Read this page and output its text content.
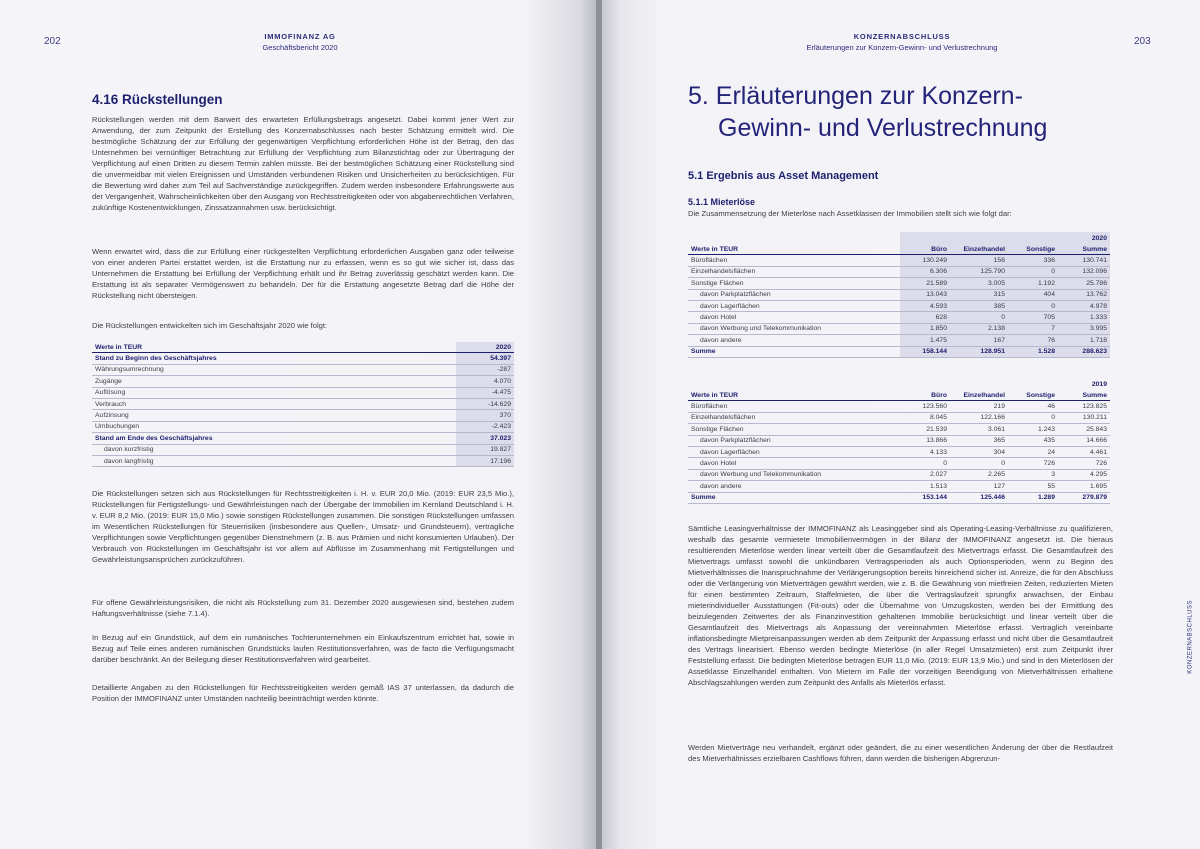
202	IMMOFINANZ AG
Geschäftsbericht 2020
4.16 Rückstellungen

Rückstellungen werden mit dem Barwert des erwarteten Erfüllungsbetrags angesetzt. Dabei kommt jener Wert zur Anwendung, der zum Zeitpunkt der Erstellung des Konzernabschlusses nach bester Schätzung ermittelt wird. Die bestmögliche Schätzung der zur Erfüllung der gegenwärtigen Verpflichtung erforderlichen Höhe ist der Betrag, den das Unternehmen bei vernünftiger Betrachtung zur Erfüllung der Verpflichtung zum Bilanzstichtag oder zur Übertragung der Verpflichtung auf einen Dritten zu diesem Termin zahlen müsste. Bei der bestmöglichen Schätzung einer Rückstellung sind die unvermeidbar mit vielen Ereignissen und Umständen verbundenen Risiken und Unsicherheiten zu berücksichtigen. Für die Bewertung wird daher zum Teil auf Sachverständige zurückgegriffen. Zudem werden insbesondere Erfahrungswerte aus der Vergangenheit, Wahrscheinlichkeiten über den Ausgang von Rechtsstreitigkeiten oder von abgabenrechtlichen Verfahren, zukünftige Kostenentwicklungen, Zinssatzannahmen usw. berücksichtigt.

Wenn erwartet wird, dass die zur Erfüllung einer rückgestellten Verpflichtung erforderlichen Ausgaben ganz oder teilweise von einer anderen Partei erstattet werden, ist die Erstattung nur zu erfassen, wenn es so gut wie sicher ist, dass das Unternehmen die Erstattung bei Erfüllung der Verpflichtung erhält und ihr Betrag zuverlässig geschätzt werden kann. Die Erstattung ist als separater Vermögenswert zu behandeln. Der für die Erstattung angesetzte Betrag darf die Höhe der Rückstellung nicht übersteigen.

Die Rückstellungen entwickelten sich im Geschäftsjahr 2020 wie folgt:

Werte in TEUR	2020
Stand zu Beginn des Geschäftsjahres	54.397
Währungsumrechnung	-287
Zugänge	4.070
Auflösung	-4.475
Verbrauch	-14.629
Aufzinsung	370
Umbuchungen	-2.423
Stand am Ende des Geschäftsjahres	37.023
davon kurzfristig	19.827
davon langfristig	17.196

Die Rückstellungen setzen sich aus Rückstellungen für Rechtsstreitigkeiten i. H. v. EUR 20,0 Mio. (2019: EUR 23,5 Mio.), Rückstellungen für Fertigstellungs- und Gewährleistungen nach der Übergabe der Immobilien im Kernland Deutschland i. H. v. EUR 8,2 Mio. (2019: EUR 15,0 Mio.) sowie sonstigen Rückstellungen zusammen. Die sonstigen Rückstellungen umfassen im Wesentlichen Rückstellungen für Steuerrisiken (insbesondere aus Quellen-, Umsatz- und Grundsteuern), vertragliche Verpflichtungen sowie Verpflichtungen gegenüber Dienstnehmern (z. B. aus Prämien und nicht konsumierten Urlauben). Der Verbrauch von Rückstellungen im Geschäftsjahr ist vor allem auf Abflüsse im Zusammenhang mit Fertigstellungen und Gewährleistungsansprüchen zurückzuführen.

Für offene Gewährleistungsrisiken, die nicht als Rückstellung zum 31. Dezember 2020 ausgewiesen sind, bestehen zudem Haftungsverhältnisse (siehe 7.1.4).

In Bezug auf ein Grundstück, auf dem ein rumänisches Tochterunternehmen ein Einkaufszentrum errichtet hat, sowie in Bezug auf Teile eines anderen rumänischen Grundstücks laufen Restitutionsverfahren, was de facto die Verfügungsmacht darüber beschränkt. An der Beilegung dieser Restitutionsverfahren wird gearbeitet.

Detaillierte Angaben zu den Rückstellungen für Rechtsstreitigkeiten werden gemäß IAS 37 unterlassen, da dadurch die Position der IMMOFINANZ unter Umständen nachteilig beeinträchtigt werden könnte.

KONZERNABSCHLUSS
Erläuterungen zur Konzern-Gewinn- und Verlustrechnung
203
5. Erläuterungen zur Konzern-
Gewinn- und Verlustrechnung
5.1 Ergebnis aus Asset Management
5.1.1 Mieterlöse

Die Zusammensetzung der Mieterlöse nach Assetklassen der Immobilien stellt sich wie folgt dar:

				2020
Werte in TEUR	Büro	Einzelhandel	Sonstige	Summe
Büroflächen	130.249	156	336	130.741
Einzelhandelsflächen	6.306	125.790	0	132.096
Sonstige Flächen	21.589	3.005	1.192	25.786
davon Parkplatzflächen	13.043	315	404	13.762
davon Lagerflächen	4.593	385	0	4.978
davon Hotel	628	0	705	1.333
davon Werbung und Telekommunikation	1.850	2.138	7	3.995
davon andere	1.475	167	76	1.718
Summe	158.144	128.951	1.528	288.623
				2019
Werte in TEUR	Büro	Einzelhandel	Sonstige	Summe
Büroflächen	123.560	219	46	123.825
Einzelhandelsflächen	8.045	122.166	0	130.211
Sonstige Flächen	21.539	3.061	1.243	25.843
davon Parkplatzflächen	13.866	365	435	14.666
davon Lagerflächen	4.133	304	24	4.461
davon Hotel	0	0	726	726
davon Werbung und Telekommunikation	2.027	2.265	3	4.295
davon andere	1.513	127	55	1.695
Summe	153.144	125.446	1.289	279.879

Sämtliche Leasingverhältnisse der IMMOFINANZ als Leasinggeber sind als Operating-Leasing-Verhältnisse zu qualifizieren, weshalb das gesamte vermietete Immobilienvermögen in der Bilanz der IMMOFINANZ angesetzt ist. Die hieraus resultierenden Mieterlöse werden linear verteilt über die Gesamtlaufzeit des Mietvertrags erfasst. Die Gesamtlaufzeit des Mietvertrags umfasst sowohl die unkündbaren Vertragsperioden als auch Optionsperioden, wenn zu Beginn des Mietverhältnisses die Inanspruchnahme der Verlängerungsoption bereits hinreichend sicher ist. Anreize, die für den Abschluss oder die Verlängerung von Mietverträgen gewährt werden, wie z. B. die Gewährung von mietfreien Zeiten, reduzierten Mieten für einen bestimmten Zeitraum, Staffelmieten, die über die Vertragslaufzeit sprungfix anwachsen, der Einbau mieterindividueller Ausstattungen (Fit-outs) oder die Übernahme von Umzugskosten, werden bei der Ermittlung des beizulegenden Zeitwertes der als Finanzinvestition gehaltenen Immobilie berücksichtigt und linear verteilt über die Gesamtlaufzeit des Mietvertrags als Anpassung der vereinnahmten Mieterlöse erfasst. Vertraglich vereinbarte inflationsbedingte Mietpreisanpassungen werden ab dem Zeitpunkt der Anpassung erfasst und nicht über die Gesamtlaufzeit des Vertrags linearisiert. Ebenso werden bedingte Mieterlöse (in aller Regel Umsatzmieten) erst zum Zeitpunkt ihrer Feststellung erfasst. Die bedingten Mieterlöse betragen EUR 11,0 Mio. (2019: EUR 13,9 Mio.) und sind in den Mieterlösen der Assetklasse Einzelhandel enthalten. Von Mietern im Falle der vorzeitigen Beendigung von Mietverhältnissen erhaltene Abschlagszahlungen werden zum Zeitpunkt des Anfalls als Mieterlös erfasst.

Werden Mietverträge neu verhandelt, ergänzt oder geändert, die zu einer wesentlichen Änderung der über die Restlaufzeit des Mietverhältnisses erzielbaren Cashflows führen, dann werden die bisherigen Abgrenzun-

KONZERNABSCHLUSS
